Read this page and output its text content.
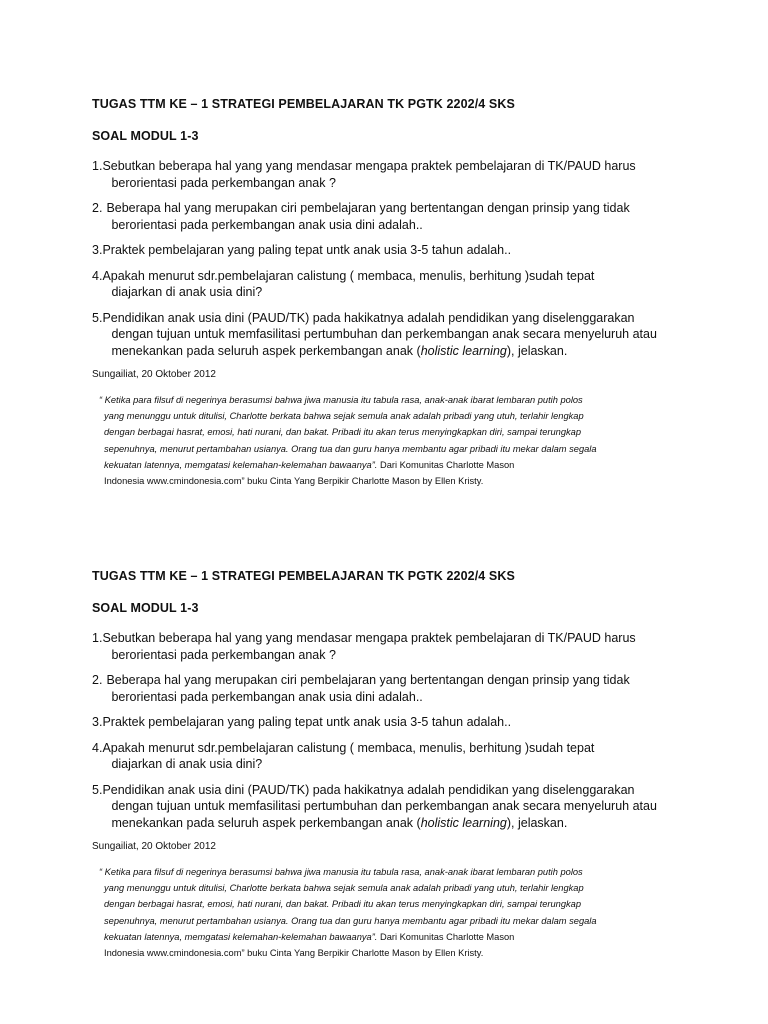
TUGAS TTM KE – 1 STRATEGI PEMBELAJARAN TK PGTK 2202/4 SKS
SOAL MODUL 1-3
1. Sebutkan beberapa hal yang yang mendasar mengapa praktek pembelajaran di TK/PAUD harus
berorientasi pada perkembangan anak ?
2. Beberapa hal yang merupakan ciri pembelajaran yang bertentangan dengan prinsip yang tidak
berorientasi pada perkembangan anak usia dini adalah..
3. Praktek pembelajaran yang paling tepat untk anak usia 3-5 tahun adalah..
4. Apakah menurut sdr.pembelajaran calistung ( membaca, menulis, berhitung )sudah tepat
diajarkan di anak usia dini?
5. Pendidikan anak usia dini (PAUD/TK) pada hakikatnya adalah pendidikan yang diselenggarakan
dengan tujuan untuk memfasilitasi pertumbuhan dan perkembangan anak secara menyeluruh atau
menekankan pada seluruh aspek perkembangan anak (holistic learning), jelaskan.

Sungailiat, 20 Oktober 2012

“ Ketika para filsuf di negerinya berasumsi bahwa jiwa manusia itu tabula rasa, anak-anak ibarat lembaran putih polos
yang menunggu untuk ditulisi, Charlotte berkata bahwa sejak semula anak adalah pribadi yang utuh, terlahir lengkap
dengan berbagai hasrat, emosi, hati nurani, dan bakat. Pribadi itu akan terus menyingkapkan diri, sampai terungkap
sepenuhnya, menurut pertambahan usianya. Orang tua dan guru hanya membantu agar pribadi itu mekar dalam segala
kekuatan latennya, memgatasi kelemahan-kelemahan bawaanya”. Dari Komunitas Charlotte Mason
Indonesia www.cmindonesia.com” buku Cinta Yang Berpikir Charlotte Mason by Ellen Kristy.
TUGAS TTM KE – 1 STRATEGI PEMBELAJARAN TK PGTK 2202/4 SKS
SOAL MODUL 1-3
1. Sebutkan beberapa hal yang yang mendasar mengapa praktek pembelajaran di TK/PAUD harus
berorientasi pada perkembangan anak ?
2. Beberapa hal yang merupakan ciri pembelajaran yang bertentangan dengan prinsip yang tidak
berorientasi pada perkembangan anak usia dini adalah..
3. Praktek pembelajaran yang paling tepat untk anak usia 3-5 tahun adalah..
4. Apakah menurut sdr.pembelajaran calistung ( membaca, menulis, berhitung )sudah tepat
diajarkan di anak usia dini?
5. Pendidikan anak usia dini (PAUD/TK) pada hakikatnya adalah pendidikan yang diselenggarakan
dengan tujuan untuk memfasilitasi pertumbuhan dan perkembangan anak secara menyeluruh atau
menekankan pada seluruh aspek perkembangan anak (holistic learning), jelaskan.

Sungailiat, 20 Oktober 2012

“ Ketika para filsuf di negerinya berasumsi bahwa jiwa manusia itu tabula rasa, anak-anak ibarat lembaran putih polos
yang menunggu untuk ditulisi, Charlotte berkata bahwa sejak semula anak adalah pribadi yang utuh, terlahir lengkap
dengan berbagai hasrat, emosi, hati nurani, dan bakat. Pribadi itu akan terus menyingkapkan diri, sampai terungkap
sepenuhnya, menurut pertambahan usianya. Orang tua dan guru hanya membantu agar pribadi itu mekar dalam segala
kekuatan latennya, memgatasi kelemahan-kelemahan bawaanya”. Dari Komunitas Charlotte Mason
Indonesia www.cmindonesia.com” buku Cinta Yang Berpikir Charlotte Mason by Ellen Kristy.
